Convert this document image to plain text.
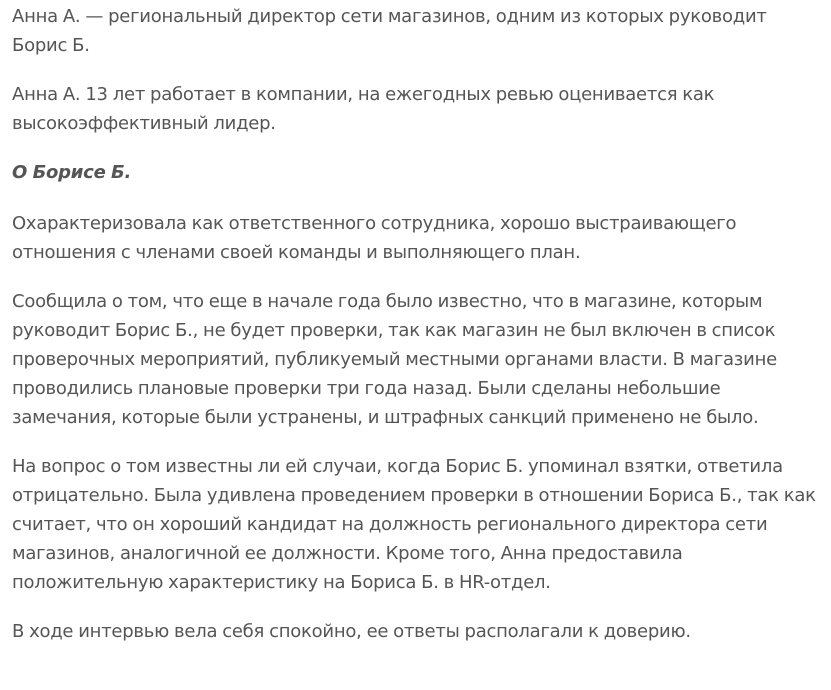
Анна А. — региональный директор сети магазинов, одним из которых руководит Борис Б.

Анна А. 13 лет работает в компании, на ежегодных ревью оценивается как высокоэффективный лидер.

О Борисе Б.

Охарактеризовала как ответственного сотрудника, хорошо выстраивающего отношения с членами своей команды и выполняющего план.

Сообщила о том, что еще в начале года было известно, что в магазине, которым руководит Борис Б., не будет проверки, так как магазин не был включен в список проверочных мероприятий, публикуемый местными органами власти. В магазине проводились плановые проверки три года назад. Были сделаны небольшие замечания, которые были устранены, и штрафных санкций применено не было.

На вопрос о том известны ли ей случаи, когда Борис Б. упоминал взятки, ответила отрицательно. Была удивлена проведением проверки в отношении Бориса Б., так как считает, что он хороший кандидат на должность регионального директора сети магазинов, аналогичной ее должности. Кроме того, Анна предоставила положительную характеристику на Бориса Б. в HR-отдел.

В ходе интервью вела себя спокойно, ее ответы располагали к доверию.
